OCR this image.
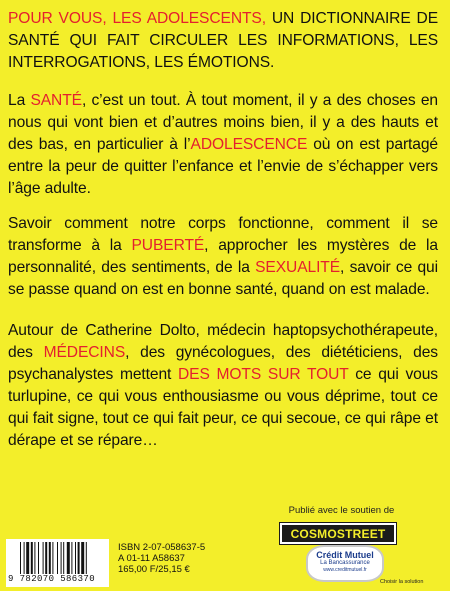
POUR VOUS, LES ADOLESCENTS, UN DICTIONNAIRE DE SANTÉ QUI FAIT CIRCULER LES INFORMATIONS, LES INTERROGATIONS, LES ÉMOTIONS.

La SANTÉ, c’est un tout. À tout moment, il y a des choses en nous qui vont bien et d’autres moins bien, il y a des hauts et des bas, en particulier à l’ADOLESCENCE où on est partagé entre la peur de quitter l’enfance et l’envie de s’échapper vers l’âge adulte.

Savoir comment notre corps fonctionne, comment il se transforme à la PUBERTÉ, approcher les mystères de la personnalité, des sentiments, de la SEXUALITÉ, savoir ce qui se passe quand on est en bonne santé, quand on est malade.

Autour de Catherine Dolto, médecin haptopsychothérapeute, des MÉDECINS, des gynécologues, des diététiciens, des psychanalystes mettent DES MOTS SUR TOUT ce qui vous turlupine, ce qui vous enthousiasme ou vous déprime, tout ce qui fait signe, tout ce qui fait peur, ce qui secoue, ce qui râpe et dérape et se répare…

Publié avec le soutien de
COSMOSTREET
9 782070 586370
ISBN 2-07-058637-5
A 01-11 A58637
165,00 F/25,15 €
Crédit Mutuel
La Bancassurance
www.creditmutuel.fr
Choisir la solution
